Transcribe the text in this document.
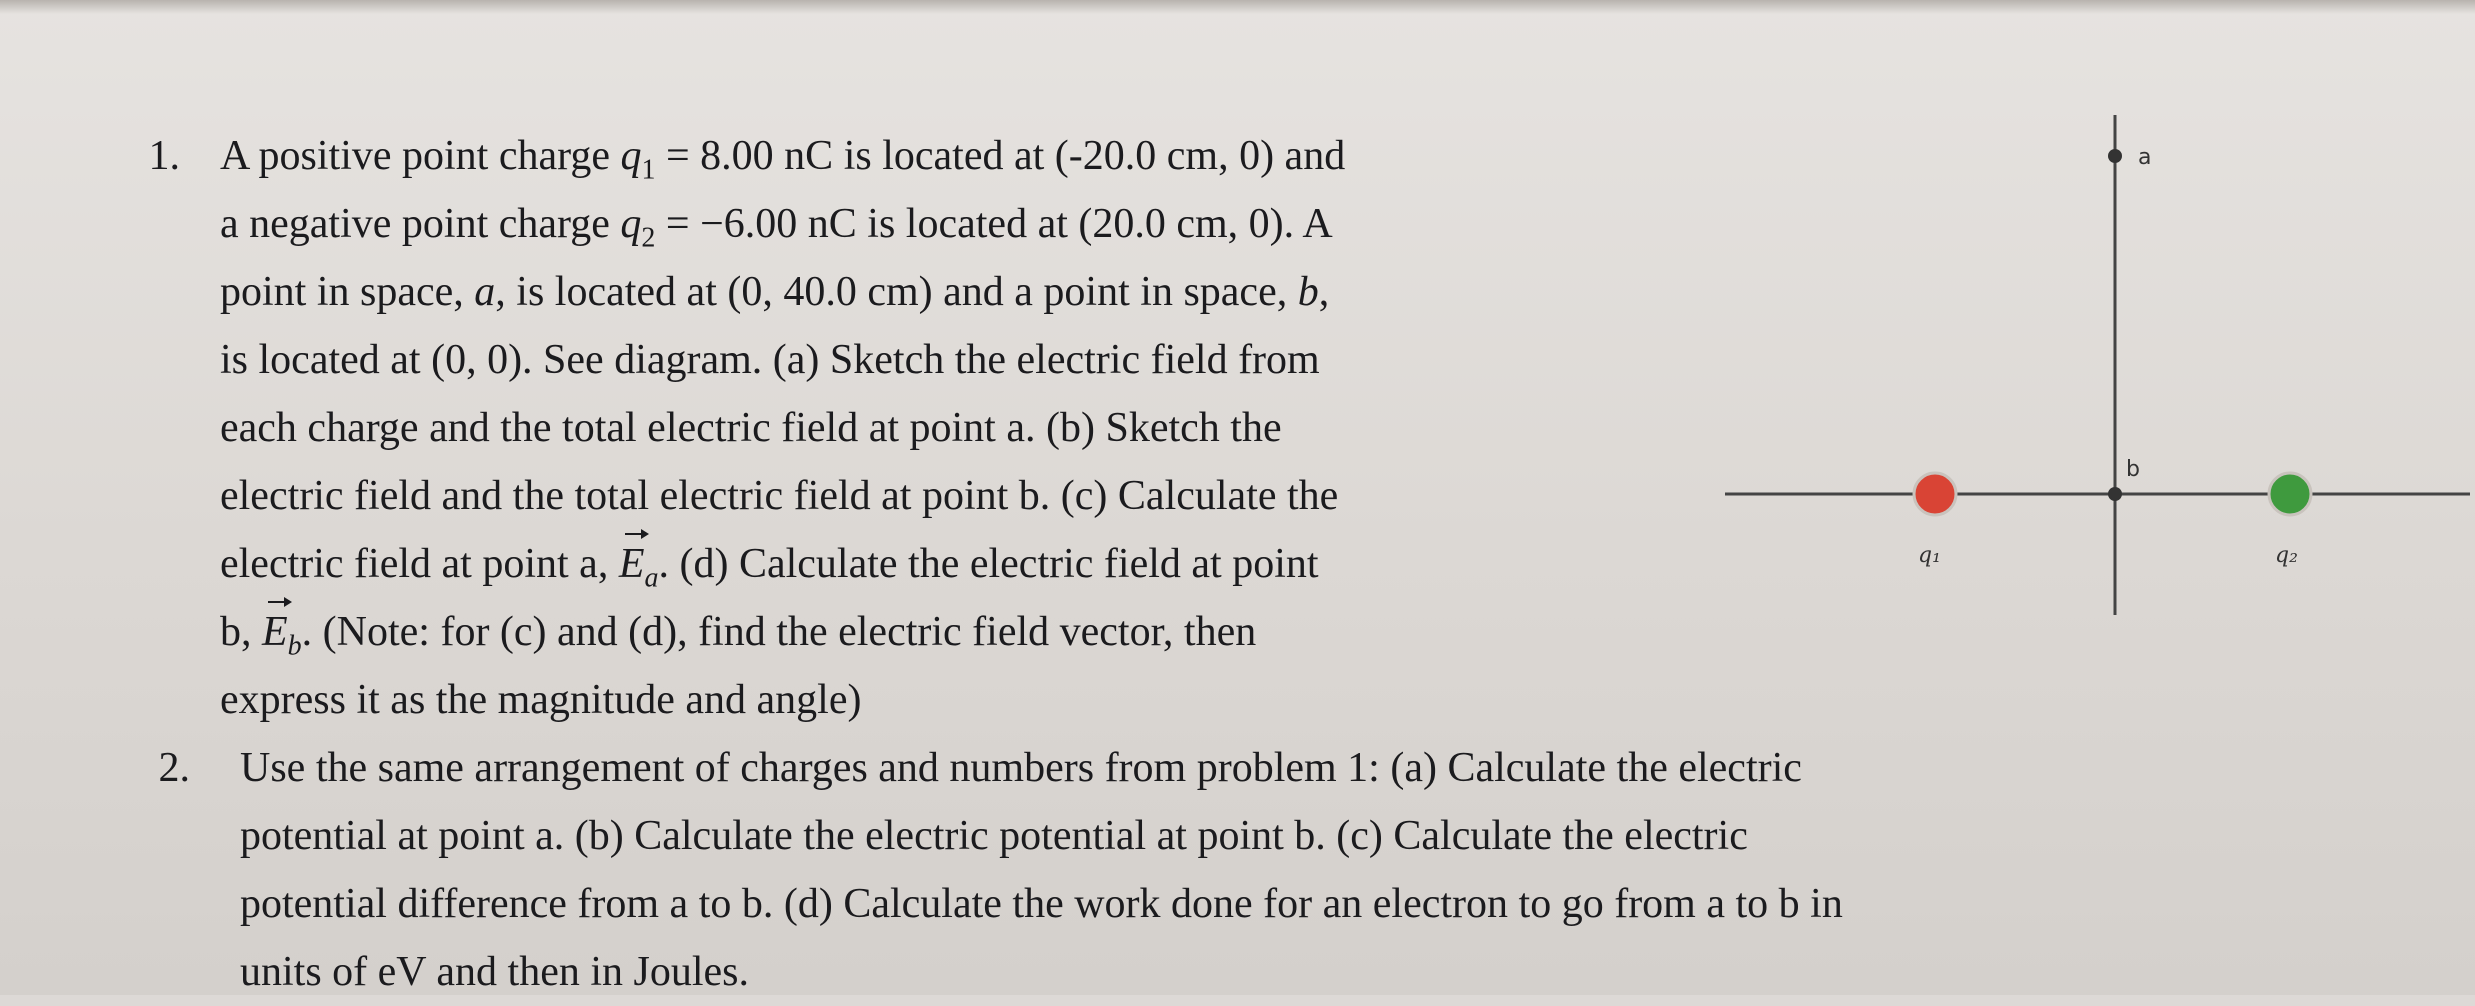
1. A positive point charge $q_1 = 8.00$ nC is located at (-20.0 cm, 0) and
a negative point charge $q_2 = -6.00$ nC is located at (20.0 cm, 0). A
point in space, a, is located at (0, 40.0 cm) and a point in space, b,
is located at (0, 0). See diagram. (a) Sketch the electric field from
each charge and the total electric field at point a. (b) Sketch the
electric field and the total electric field at point b. (c) Calculate the
electric field at point a, $E_a$. (d) Calculate the electric field at point
b, $E_b$. (Note: for (c) and (d), find the electric field vector, then
express it as the magnitude and angle)
2. Use the same arrangement of charges and numbers from problem 1: (a) Calculate the electric
potential at point a. (b) Calculate the electric potential at point b. (c) Calculate the electric
potential difference from a to b. (d) Calculate the work done for an electron to go from a to b in
units of eV and then in Joules.
a
b
q₁	q₂
